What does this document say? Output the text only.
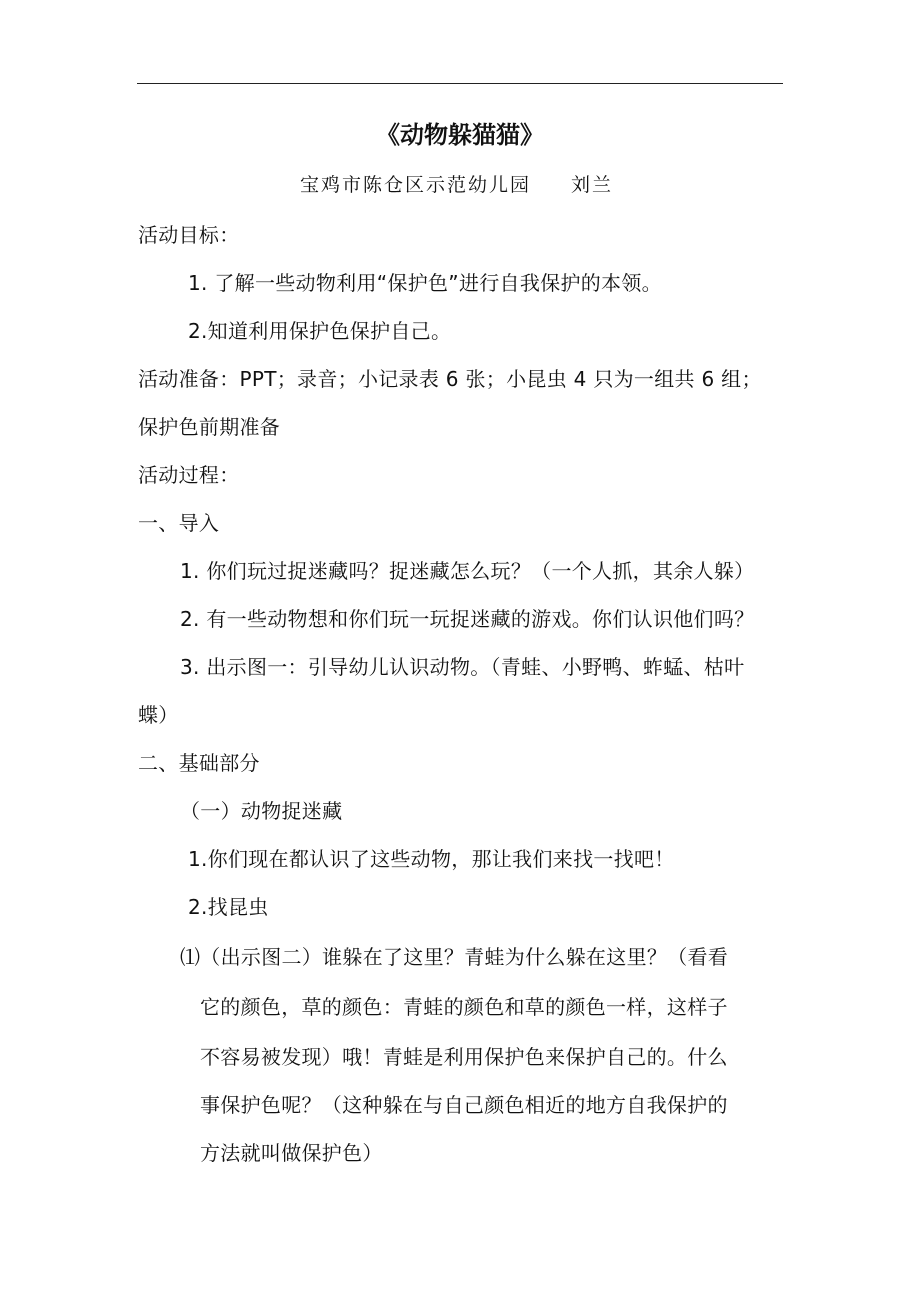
《动物躲猫猫》
宝鸡市陈仓区示范幼儿园 刘兰
活动目标：
1. 了解一些动物利用“保护色”进行自我保护的本领。
2.知道利用保护色保护自己。
活动准备：PPT；录音；小记录表 6 张；小昆虫 4 只为一组共 6 组；
保护色前期准备
活动过程：
一、导入
1. 你们玩过捉迷藏吗？捉迷藏怎么玩？（一个人抓，其余人躲）
2. 有一些动物想和你们玩一玩捉迷藏的游戏。你们认识他们吗？
3. 出示图一：引导幼儿认识动物。（青蛙、小野鸭、蚱蜢、枯叶
蝶）
二、基础部分
（一）动物捉迷藏
1.你们现在都认识了这些动物，那让我们来找一找吧！
2.找昆虫
⑴（出示图二）谁躲在了这里？青蛙为什么躲在这里？（看看
它的颜色，草的颜色：青蛙的颜色和草的颜色一样，这样子
不容易被发现）哦！青蛙是利用保护色来保护自己的。什么
事保护色呢？（这种躲在与自己颜色相近的地方自我保护的
方法就叫做保护色）
